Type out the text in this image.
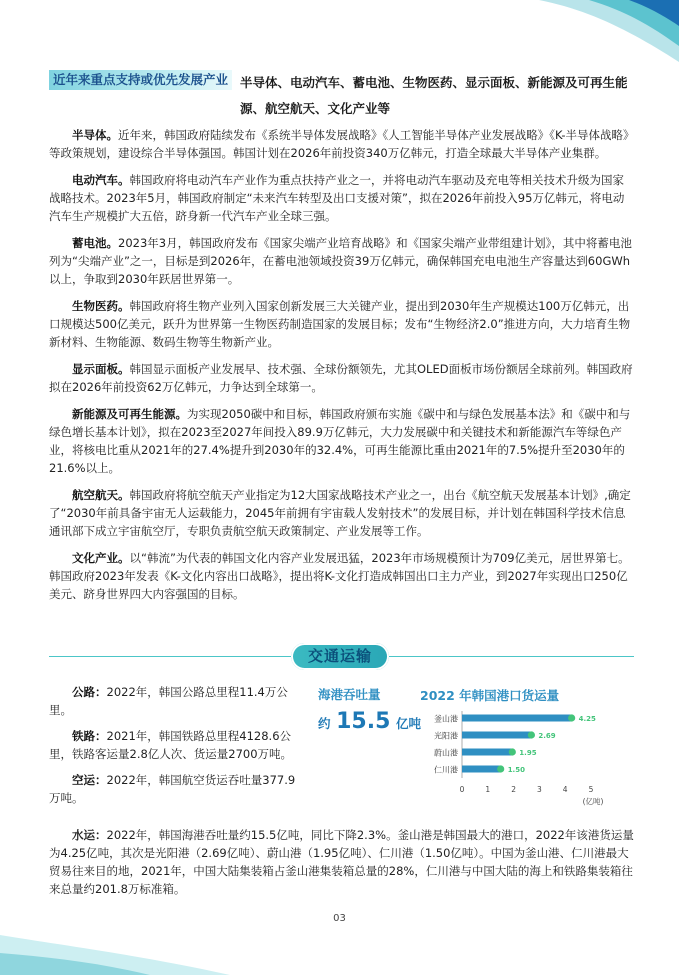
近年来重点支持或优先发展产业 半导体、电动汽车、蓄电池、生物医药、显示面板、新能源及可再生能源、航空航天、文化产业等

半导体。近年来，韩国政府陆续发布《系统半导体发展战略》《人工智能半导体产业发展战略》《K-半导体战略》等政策规划，建设综合半导体强国。韩国计划在2026年前投资340万亿韩元，打造全球最大半导体产业集群。

电动汽车。韩国政府将电动汽车产业作为重点扶持产业之一，并将电动汽车驱动及充电等相关技术升级为国家战略技术。2023年5月，韩国政府制定“未来汽车转型及出口支援对策”，拟在2026年前投入95万亿韩元，将电动汽车生产规模扩大五倍，跻身新一代汽车产业全球三强。

蓄电池。2023年3月，韩国政府发布《国家尖端产业培育战略》和《国家尖端产业带组建计划》，其中将蓄电池列为“尖端产业”之一，目标是到2026年，在蓄电池领域投资39万亿韩元，确保韩国充电电池生产容量达到60GWh以上，争取到2030年跃居世界第一。

生物医药。韩国政府将生物产业列入国家创新发展三大关键产业，提出到2030年生产规模达100万亿韩元，出口规模达500亿美元，跃升为世界第一生物医药制造国家的发展目标；发布“生物经济2.0”推进方向，大力培育生物新材料、生物能源、数码生物等生物新产业。

显示面板。韩国显示面板产业发展早、技术强、全球份额领先，尤其OLED面板市场份额居全球前列。韩国政府拟在2026年前投资62万亿韩元，力争达到全球第一。

新能源及可再生能源。为实现2050碳中和目标，韩国政府颁布实施《碳中和与绿色发展基本法》和《碳中和与绿色增长基本计划》，拟在2023至2027年间投入89.9万亿韩元，大力发展碳中和关键技术和新能源汽车等绿色产业，将核电比重从2021年的27.4%提升到2030年的32.4%，可再生能源比重由2021年的7.5%提升至2030年的21.6%以上。

航空航天。韩国政府将航空航天产业指定为12大国家战略技术产业之一，出台《航空航天发展基本计划》,确定了“2030年前具备宇宙无人运载能力，2045年前拥有宇宙载人发射技术”的发展目标，并计划在韩国科学技术信息通讯部下成立宇宙航空厅，专职负责航空航天政策制定、产业发展等工作。

文化产业。以“韩流”为代表的韩国文化内容产业发展迅猛，2023年市场规模预计为709亿美元，居世界第七。韩国政府2023年发表《K-文化内容出口战略》，提出将K-文化打造成韩国出口主力产业，到2027年实现出口250亿美元、跻身世界四大内容强国的目标。

交通运输

公路：2022年，韩国公路总里程11.4万公里。

铁路：2021年，韩国铁路总里程4128.6公里，铁路客运量2.8亿人次、货运量2700万吨。

空运：2022年，韩国航空货运吞吐量377.9万吨。

海港吞吐量
约 15.5 亿吨
2022 年韩国港口货运量
釜山港	4.25
光阳港	2.69
蔚山港	1.95
仁川港	1.50
0	1	2	3	4	5
(亿吨)

水运：2022年，韩国海港吞吐量约15.5亿吨，同比下降2.3%。釜山港是韩国最大的港口，2022年该港货运量为4.25亿吨，其次是光阳港（2.69亿吨）、蔚山港（1.95亿吨）、仁川港（1.50亿吨）。中国为釜山港、仁川港最大贸易往来目的地，2021年，中国大陆集装箱占釜山港集装箱总量的28%，仁川港与中国大陆的海上和铁路集装箱往来总量约201.8万标准箱。

03
